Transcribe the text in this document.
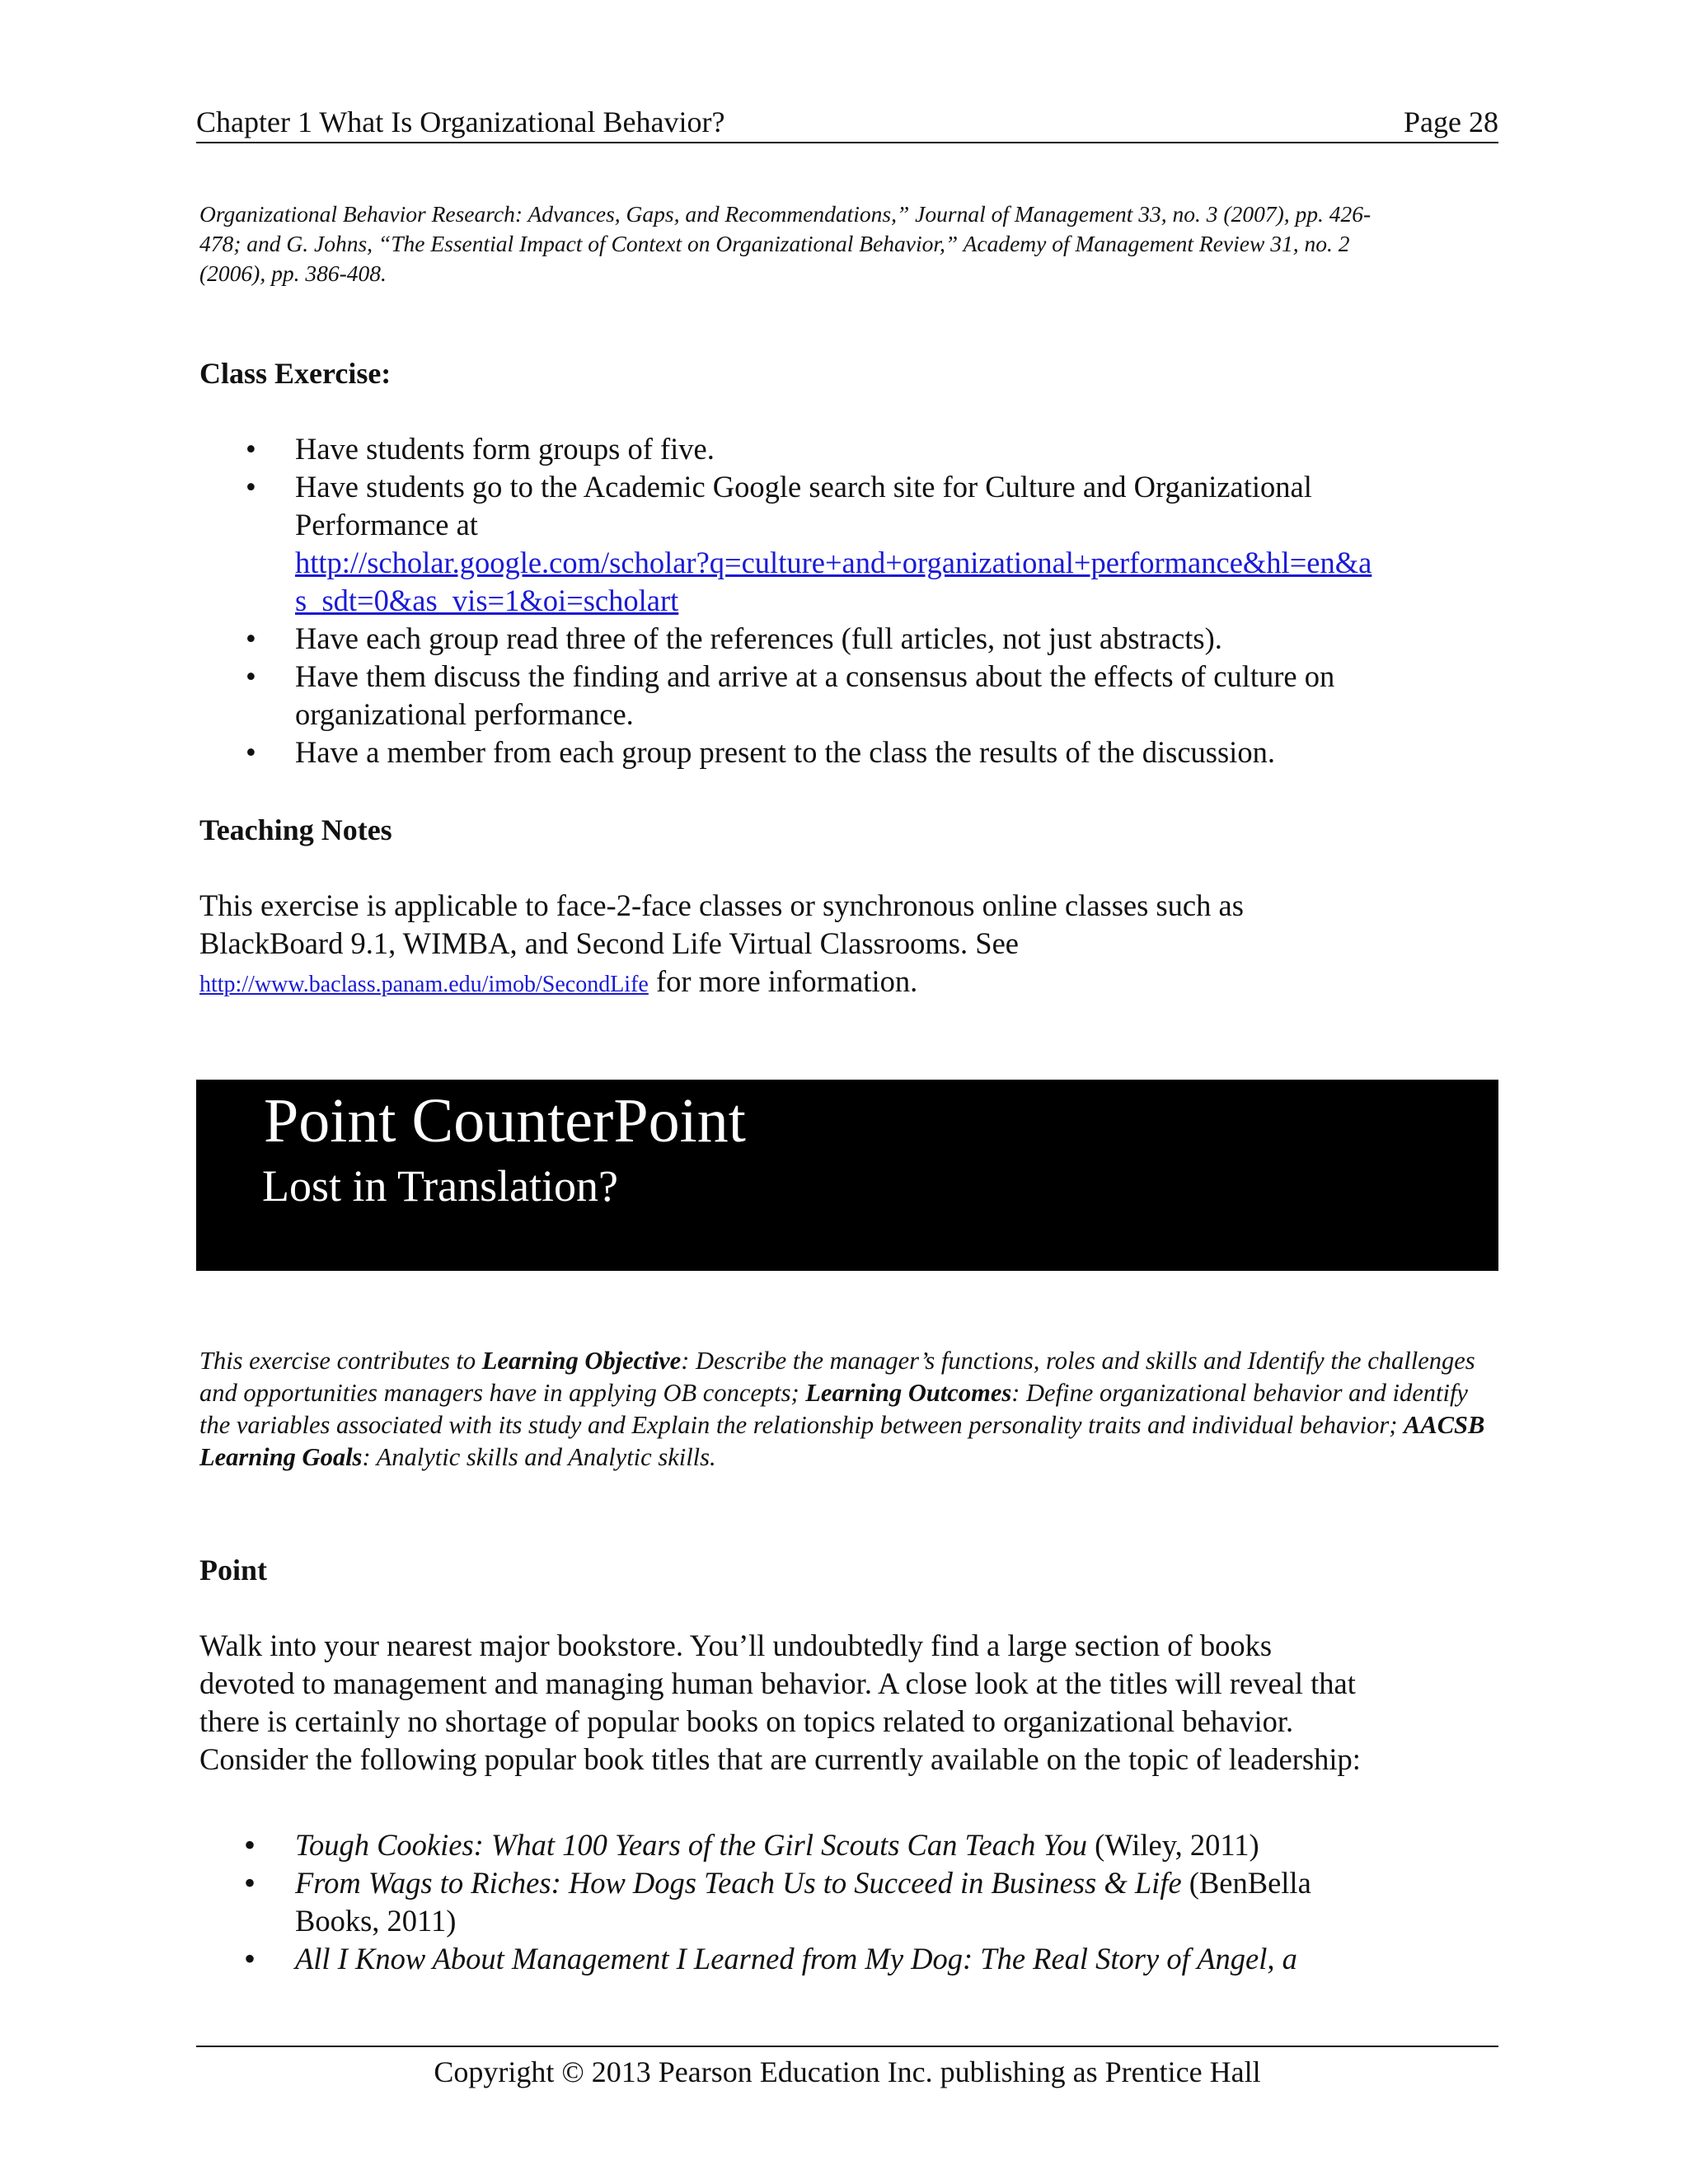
Chapter 1 What Is Organizational Behavior?	Page 28
Organizational Behavior Research: Advances, Gaps, and Recommendations,” Journal of Management 33, no. 3 (2007), pp. 426-
478; and G. Johns, “The Essential Impact of Context on Organizational Behavior,” Academy of Management Review 31, no. 2
(2006), pp. 386-408.
Class Exercise:
• Have students form groups of five.
• Have students go to the Academic Google search site for Culture and Organizational
Performance at
http://scholar.google.com/scholar?q=culture+and+organizational+performance&hl=en&a
s_sdt=0&as_vis=1&oi=scholart
• Have each group read three of the references (full articles, not just abstracts).
• Have them discuss the finding and arrive at a consensus about the effects of culture on
organizational performance.
• Have a member from each group present to the class the results of the discussion.
Teaching Notes
This exercise is applicable to face-2-face classes or synchronous online classes such as
BlackBoard 9.1, WIMBA, and Second Life Virtual Classrooms. See
http://www.baclass.panam.edu/imob/SecondLife for more information.
Point CounterPoint
Lost in Translation?
This exercise contributes to Learning Objective: Describe the manager’s functions, roles and skills and Identify the challenges and opportunities managers have in applying OB concepts; Learning Outcomes: Define organizational behavior and identify the variables associated with its study and Explain the relationship between personality traits and individual behavior; AACSB Learning Goals: Analytic skills and Analytic skills.
Point
Walk into your nearest major bookstore. You’ll undoubtedly find a large section of books
devoted to management and managing human behavior. A close look at the titles will reveal that
there is certainly no shortage of popular books on topics related to organizational behavior.
Consider the following popular book titles that are currently available on the topic of leadership:
• Tough Cookies: What 100 Years of the Girl Scouts Can Teach You (Wiley, 2011)
• From Wags to Riches: How Dogs Teach Us to Succeed in Business & Life (BenBella
Books, 2011)
• All I Know About Management I Learned from My Dog: The Real Story of Angel, a
Copyright © 2013 Pearson Education Inc. publishing as Prentice Hall
